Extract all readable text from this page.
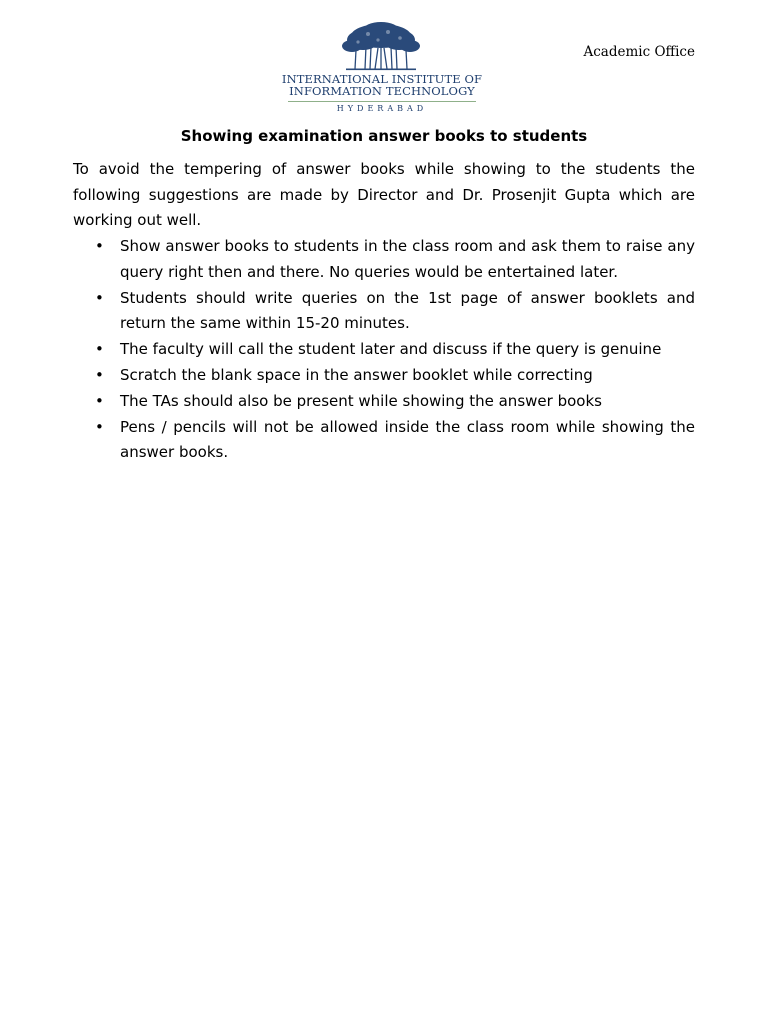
INTERNATIONAL INSTITUTE OF
INFORMATION TECHNOLOGY
HYDERABAD
Academic Office
Showing examination answer books to students

To avoid the tempering of answer books while showing to the students the following suggestions are made by Director and Dr. Prosenjit Gupta which are working out well.

• Show answer books to students in the class room and ask them to raise any query right then and there. No queries would be entertained later.
• Students should write queries on the 1st page of answer booklets and return the same within 15-20 minutes.
• The faculty will call the student later and discuss if the query is genuine
• Scratch the blank space in the answer booklet while correcting
• The TAs should also be present while showing the answer books
• Pens / pencils will not be allowed inside the class room while showing the answer books.
